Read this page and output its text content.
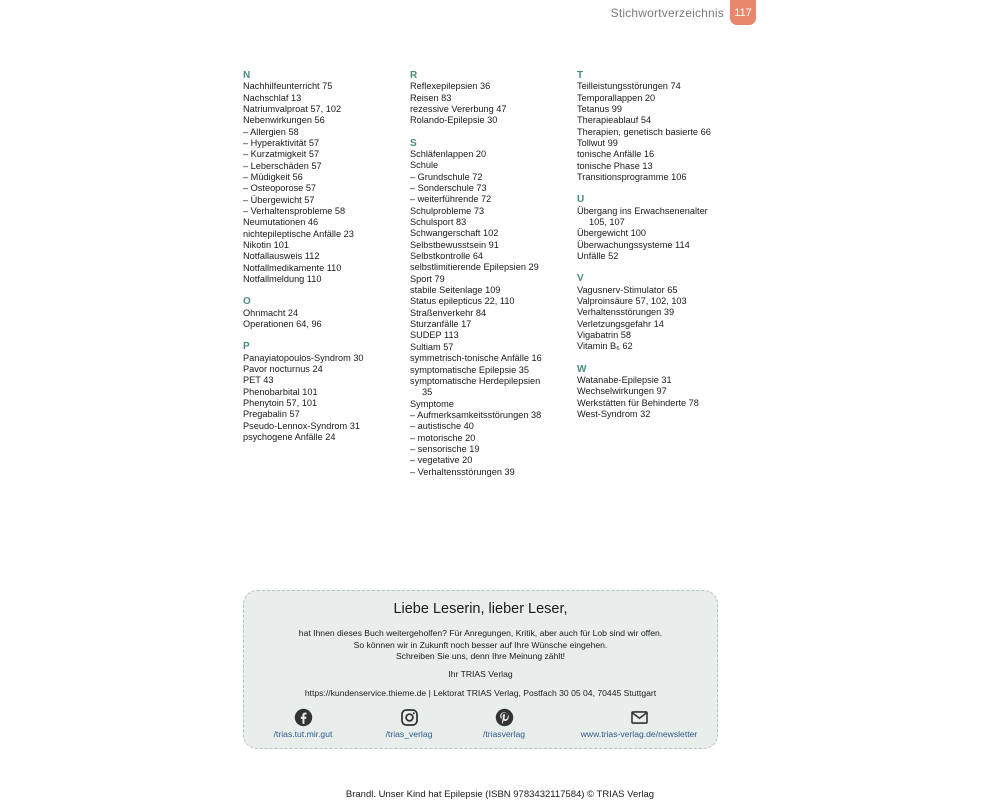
Stichwortverzeichnis 117
N
Nachhilfeunterricht 75
Nachschlaf 13
Natriumvalproat 57, 102
Nebenwirkungen 56
– Allergien 58
– Hyperaktivität 57
– Kurzatmigkeit 57
– Leberschäden 57
– Müdigkeit 56
– Osteoporose 57
– Übergewicht 57
– Verhaltensprobleme 58
Neumutationen 46
nichtepileptische Anfälle 23
Nikotin 101
Notfallausweis 112
Notfallmedikamente 110
Notfallmeldung 110
O
Ohnmacht 24
Operationen 64, 96
P
Panayiatopoulos-Syndrom 30
Pavor nocturnus 24
PET 43
Phenobarbital 101
Phenytoin 57, 101
Pregabalin 57
Pseudo-Lennox-Syndrom 31
psychogene Anfälle 24
R
Reflexepilepsien 36
Reisen 83
rezessive Vererbung 47
Rolando-Epilepsie 30
S
Schläfenlappen 20
Schule
– Grundschule 72
– Sonderschule 73
– weiterführende 72
Schulprobleme 73
Schulsport 83
Schwangerschaft 102
Selbstbewusstsein 91
Selbstkontrolle 64
selbstlimitierende Epilepsien 29
Sport 79
stabile Seitenlage 109
Status epilepticus 22, 110
Straßenverkehr 84
Sturzanfälle 17
SUDEP 113
Sultiam 57
symmetrisch-tonische Anfälle 16
symptomatische Epilepsie 35
symptomatische Herdepilepsien
35
Symptome
– Aufmerksamkeitsstörungen 38
– autistische 40
– motorische 20
– sensorische 19
– vegetative 20
– Verhaltensstörungen 39
T
Teilleistungsstörungen 74
Temporallappen 20
Tetanus 99
Therapieablauf 54
Therapien, genetisch basierte 66
Tollwut 99
tonische Anfälle 16
tonische Phase 13
Transitionsprogramme 106
U
Übergang ins Erwachsenenalter
105, 107
Übergewicht 100
Überwachungssysteme 114
Unfälle 52
V
Vagusnerv-Stimulator 65
Valproinsäure 57, 102, 103
Verhaltensstörungen 39
Verletzungsgefahr 14
Vigabatrin 58
Vitamin B₆ 62
W
Watanabe-Epilepsie 31
Wechselwirkungen 97
Werkstätten für Behinderte 78
West-Syndrom 32
Liebe Leserin, lieber Leser,
hat Ihnen dieses Buch weitergeholfen? Für Anregungen, Kritik, aber auch für Lob sind wir offen.
So können wir in Zukunft noch besser auf Ihre Wünsche eingehen.
Schreiben Sie uns, denn Ihre Meinung zählt!
Ihr TRIAS Verlag
https://kundenservice.thieme.de | Lektorat TRIAS Verlag, Postfach 30 05 04, 70445 Stuttgart
/trias.tut.mir.gut	/trias_verlag	/triasverlag	www.trias-verlag.de/newsletter
Brandl. Unser Kind hat Epilepsie (ISBN 9783432117584) © TRIAS Verlag
